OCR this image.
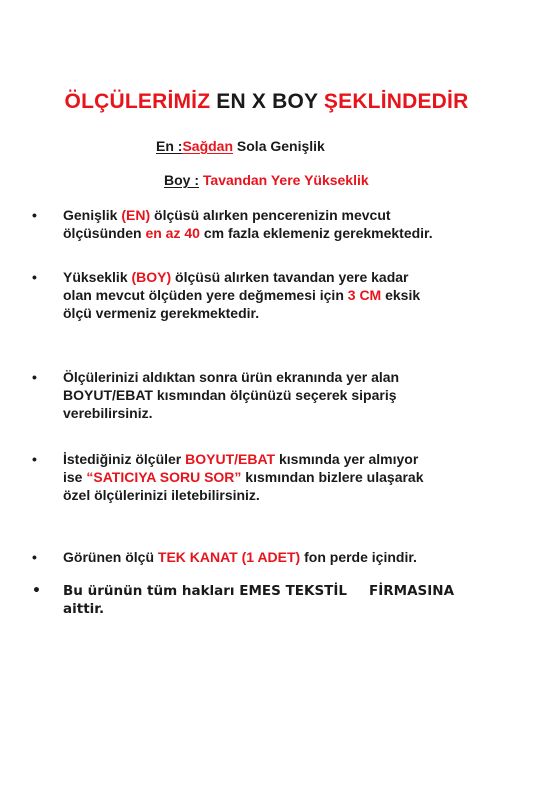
ÖLÇÜLERİMİZ EN X BOY ŞEKLİNDEDİR
En :Sağdan Sola Genişlik
Boy : Tavandan Yere Yükseklik
• Genişlik (EN) ölçüsü alırken pencerenizin mevcut
ölçüsünden en az 40 cm fazla eklemeniz gerekmektedir.
• Yükseklik (BOY) ölçüsü alırken tavandan yere kadar
olan mevcut ölçüden yere değmemesi için 3 CM eksik
ölçü vermeniz gerekmektedir.
• Ölçülerinizi aldıktan sonra ürün ekranında yer alan
BOYUT/EBAT kısmından ölçünüzü seçerek sipariş
verebilirsiniz.
• İstediğiniz ölçüler BOYUT/EBAT kısmında yer almıyor
ise “SATICIYA SORU SOR” kısmından bizlere ulaşarak
özel ölçülerinizi iletebilirsiniz.
• Görünen ölçü TEK KANAT (1 ADET) fon perde içindir.
• Bu ürünün tüm hakları EMES TEKSTİL FİRMASINA
aittir.
